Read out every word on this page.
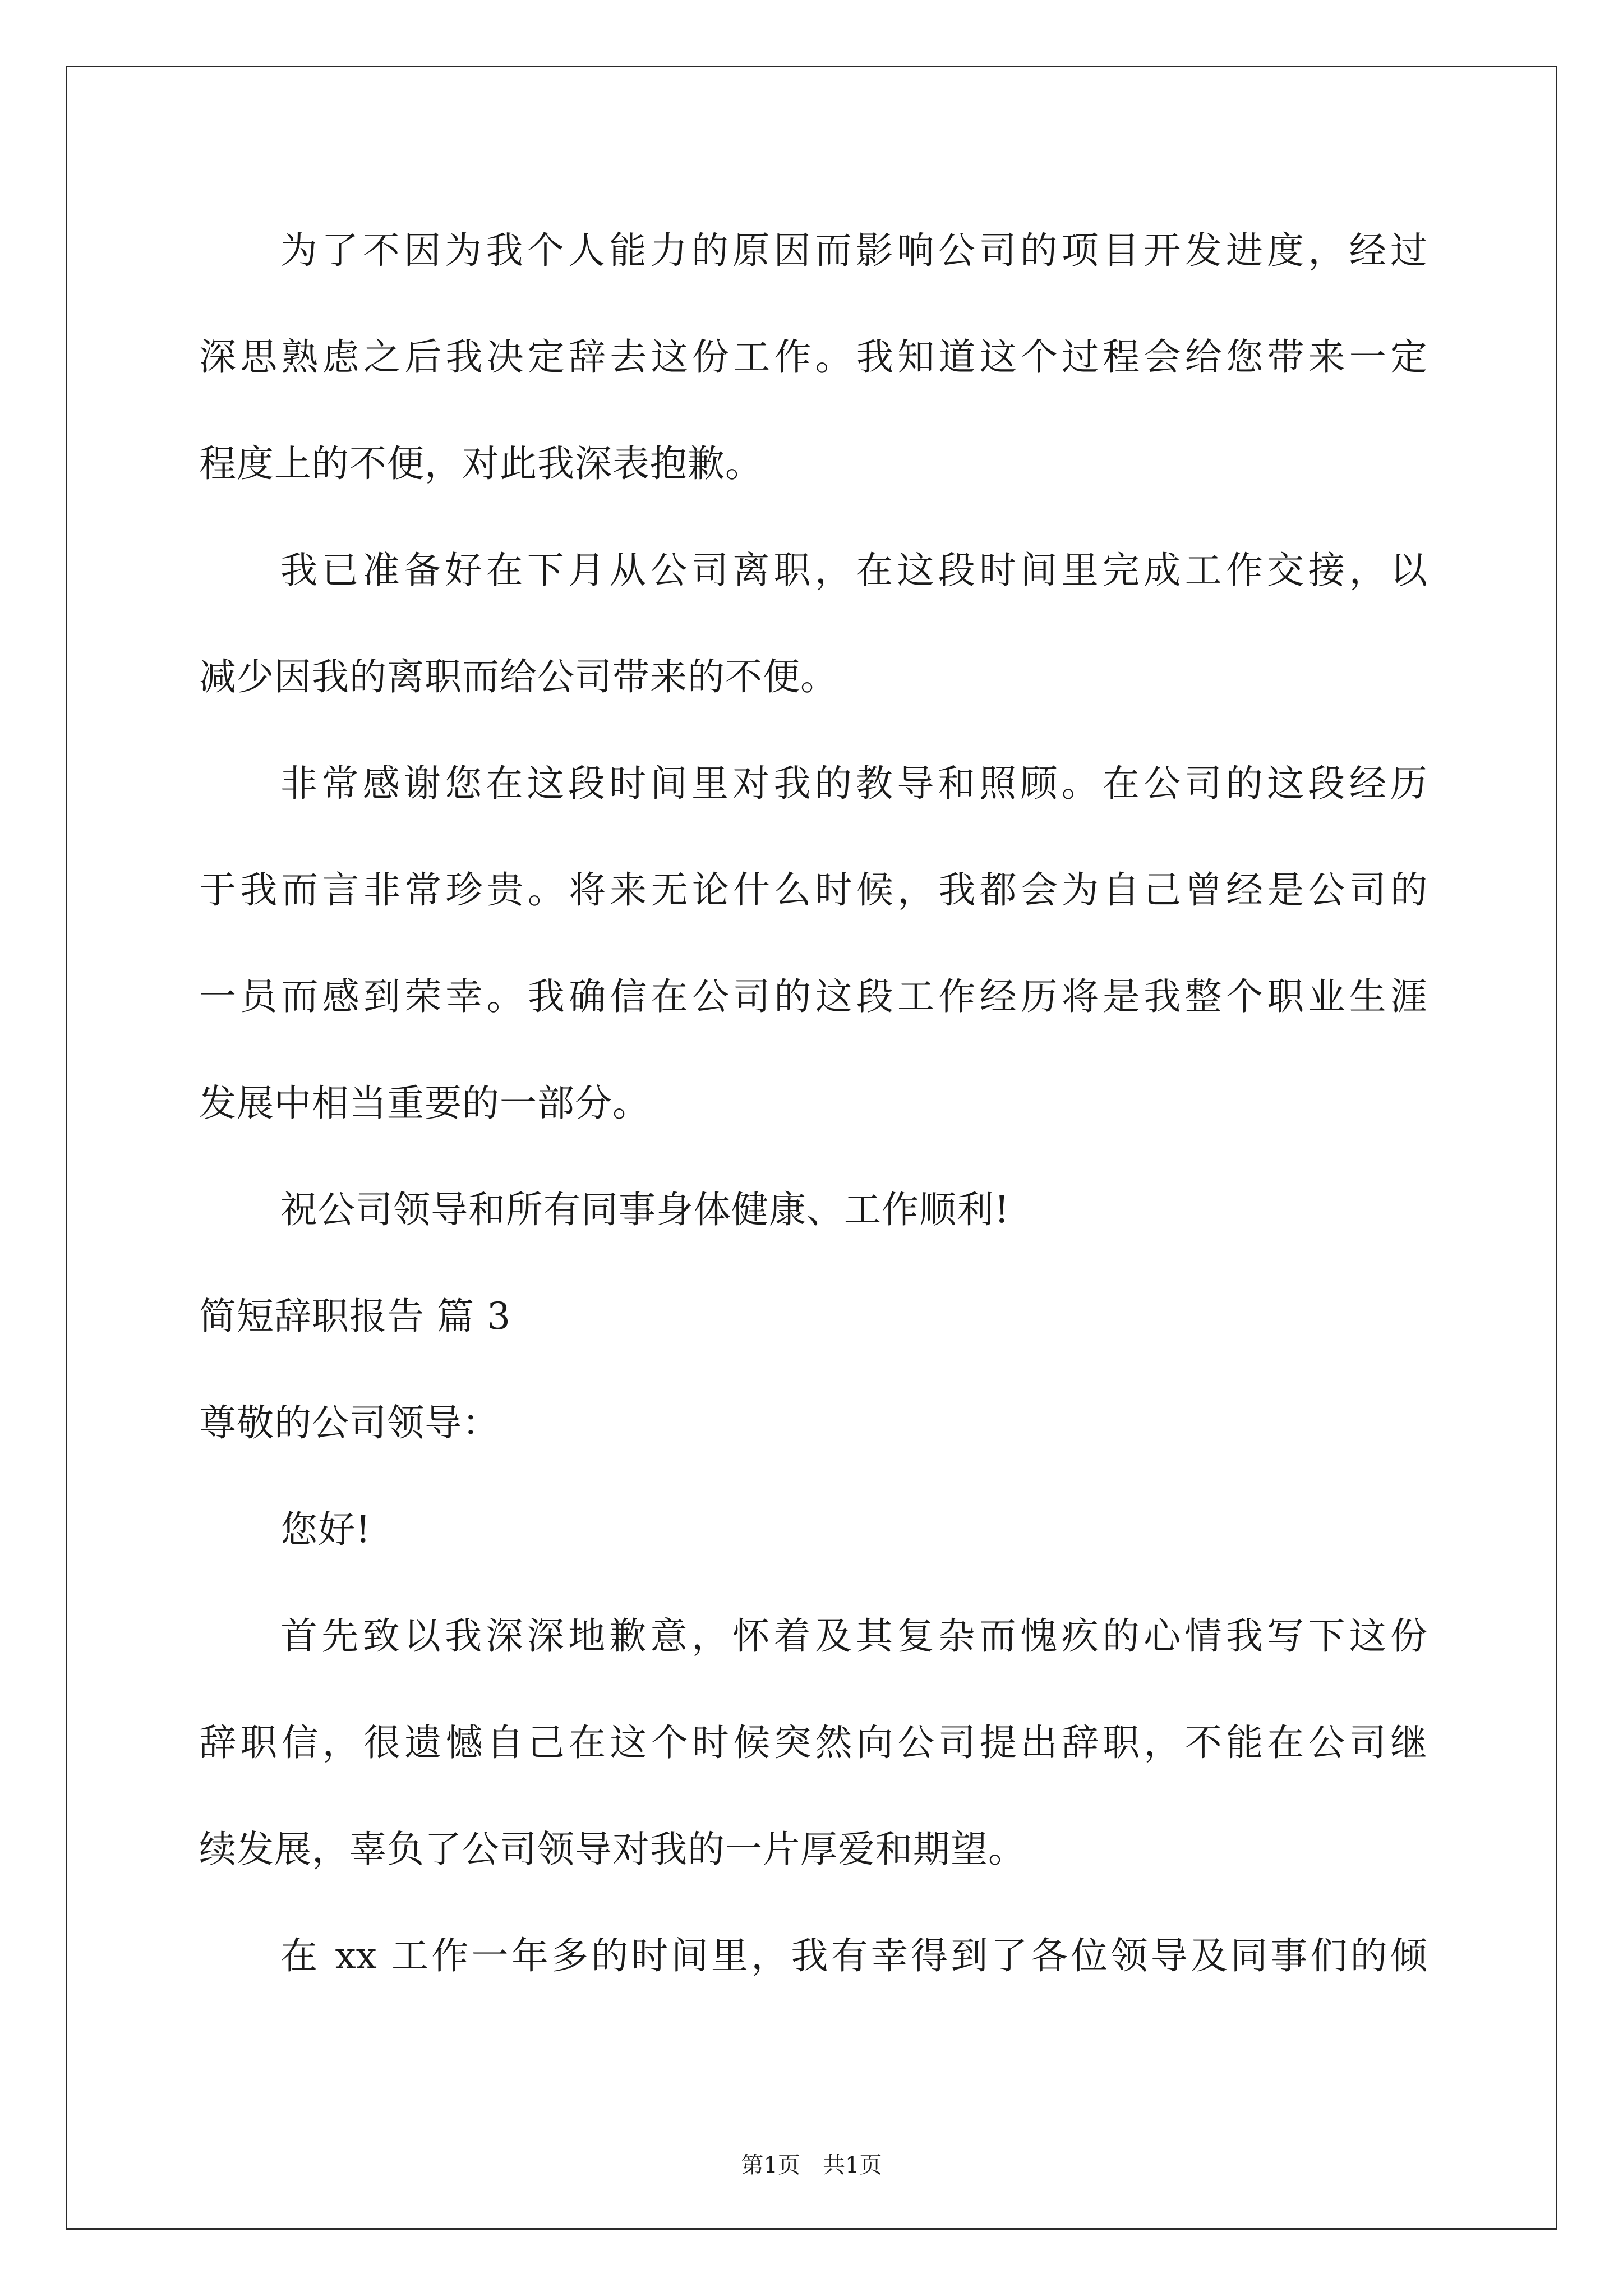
为了不因为我个人能力的原因而影响公司的项目开发进度，经过
深思熟虑之后我决定辞去这份工作。我知道这个过程会给您带来一定
程度上的不便，对此我深表抱歉。
我已准备好在下月从公司离职，在这段时间里完成工作交接，以
减少因我的离职而给公司带来的不便。
非常感谢您在这段时间里对我的教导和照顾。在公司的这段经历
于我而言非常珍贵。将来无论什么时候，我都会为自己曾经是公司的
一员而感到荣幸。我确信在公司的这段工作经历将是我整个职业生涯
发展中相当重要的一部分。
祝公司领导和所有同事身体健康、工作顺利!
简短辞职报告 篇 3
尊敬的公司领导：
您好!
首先致以我深深地歉意，怀着及其复杂而愧疚的心情我写下这份
辞职信，很遗憾自己在这个时候突然向公司提出辞职，不能在公司继
续发展，辜负了公司领导对我的一片厚爱和期望。
在 xx 工作一年多的时间里，我有幸得到了各位领导及同事们的倾
第1页　共1页
